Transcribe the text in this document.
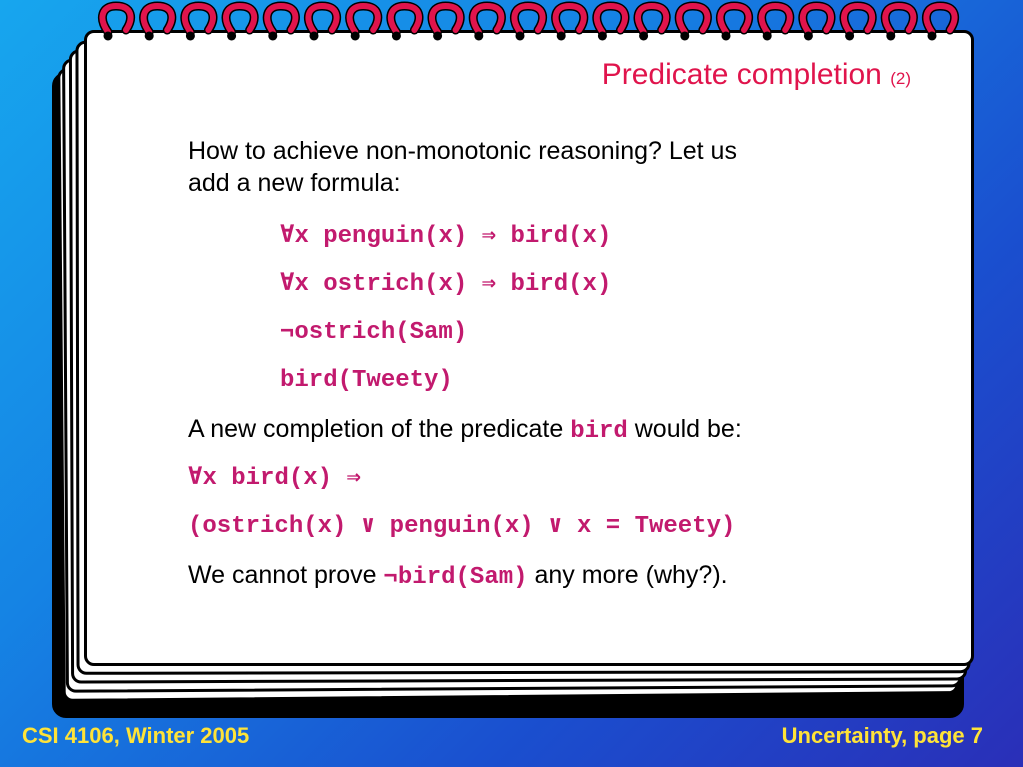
Predicate completion (2)
How to achieve non-monotonic reasoning? Let us
add a new formula:
∀x penguin(x) ⇒ bird(x)
∀x ostrich(x) ⇒ bird(x)
¬ostrich(Sam)
bird(Tweety)
A new completion of the predicate bird would be:
∀x bird(x) ⇒
(ostrich(x) ∨ penguin(x) ∨ x = Tweety)
We cannot prove ¬bird(Sam) any more (why?).
CSI 4106, Winter 2005	Uncertainty, page 7
